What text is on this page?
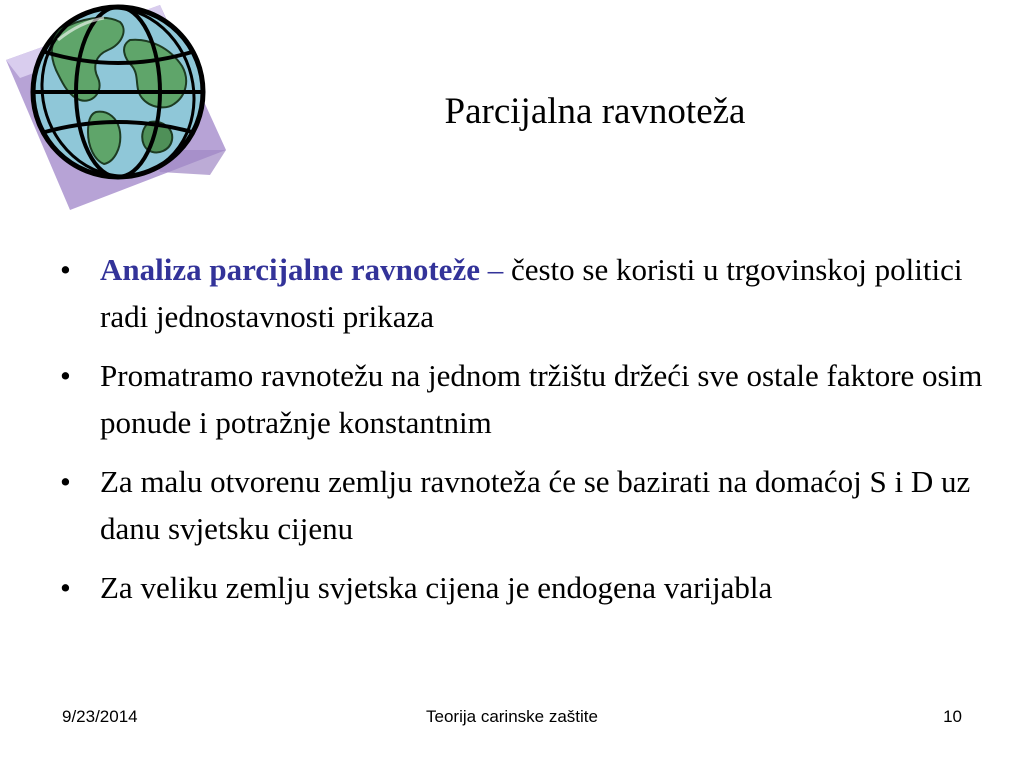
Parcijalna ravnoteža
• Analiza parcijalne ravnoteže – često se koristi u trgovinskoj politici radi jednostavnosti prikaza
• Promatramo ravnotežu na jednom tržištu držeći sve ostale faktore osim ponude i potražnje konstantnim
• Za malu otvorenu zemlju ravnoteža će se bazirati na domaćoj S i D uz danu svjetsku cijenu
• Za veliku zemlju svjetska cijena je endogena varijabla
9/23/2014	Teorija carinske zaštite	10
